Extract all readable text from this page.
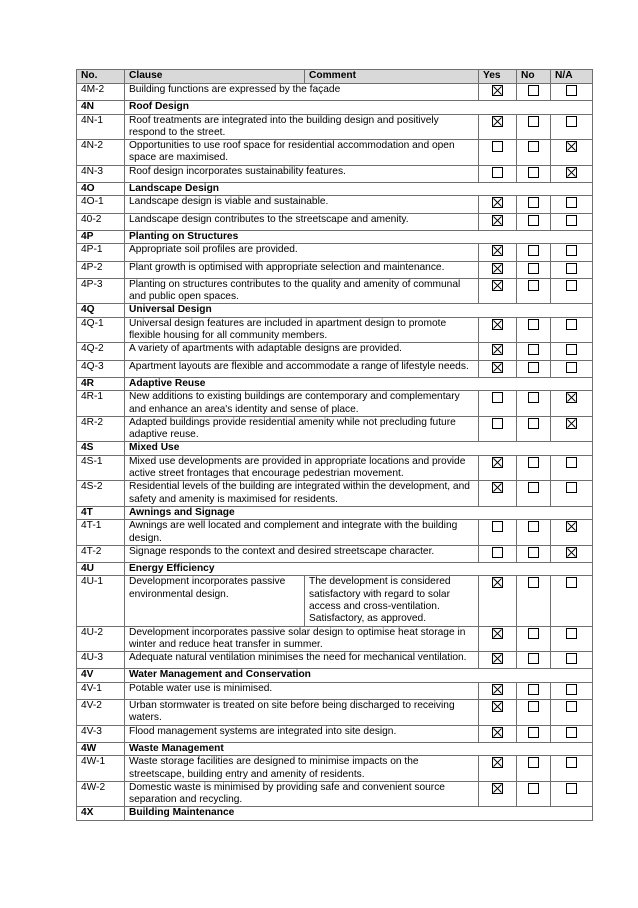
No.	Clause	Comment	Yes	No	N/A
4M-2	Building functions are expressed by the façade	

4N	Roof Design				
4N-1	Roof treatments are integrated into the building design and positively respond to the street.	

4N-2	Opportunities to use roof space for residential accommodation and open space are maximised.			

4N-3	Roof design incorporates sustainability features.			

4O	Landscape Design				
4O-1	Landscape design is viable and sustainable.	

40-2	Landscape design contributes to the streetscape and amenity.	

4P	Planting on Structures				
4P-1	Appropriate soil profiles are provided.	

4P-2	Plant growth is optimised with appropriate selection and maintenance.	

4P-3	Planting on structures contributes to the quality and amenity of communal and public open spaces.	

4Q	Universal Design				
4Q-1	Universal design features are included in apartment design to promote flexible housing for all community members.	

4Q-2	A variety of apartments with adaptable designs are provided.	

4Q-3	Apartment layouts are flexible and accommodate a range of lifestyle needs.	

4R	Adaptive Reuse				
4R-1	New additions to existing buildings are contemporary and complementary and enhance an area's identity and sense of place.			

4R-2	Adapted buildings provide residential amenity while not precluding future adaptive reuse.			

4S	Mixed Use				
4S-1	Mixed use developments are provided in appropriate locations and provide active street frontages that encourage pedestrian movement.	

4S-2	Residential levels of the building are integrated within the development, and safety and amenity is maximised for residents.	

4T	Awnings and Signage				
4T-1	Awnings are well located and complement and integrate with the building design.			

4T-2	Signage responds to the context and desired streetscape character.			

4U	Energy Efficiency				
4U-1	Development incorporates passive environmental design.	The development is considered satisfactory with regard to solar access and cross-ventilation. Satisfactory, as approved.	

4U-2	Development incorporates passive solar design to optimise heat storage in winter and reduce heat transfer in summer.	

4U-3	Adequate natural ventilation minimises the need for mechanical ventilation.	

4V	Water Management and Conservation				
4V-1	Potable water use is minimised.	

4V-2	Urban stormwater is treated on site before being discharged to receiving waters.	

4V-3	Flood management systems are integrated into site design.	

4W	Waste Management				
4W-1	Waste storage facilities are designed to minimise impacts on the streetscape, building entry and amenity of residents.	

4W-2	Domestic waste is minimised by providing safe and convenient source separation and recycling.	

4X	Building Maintenance				
